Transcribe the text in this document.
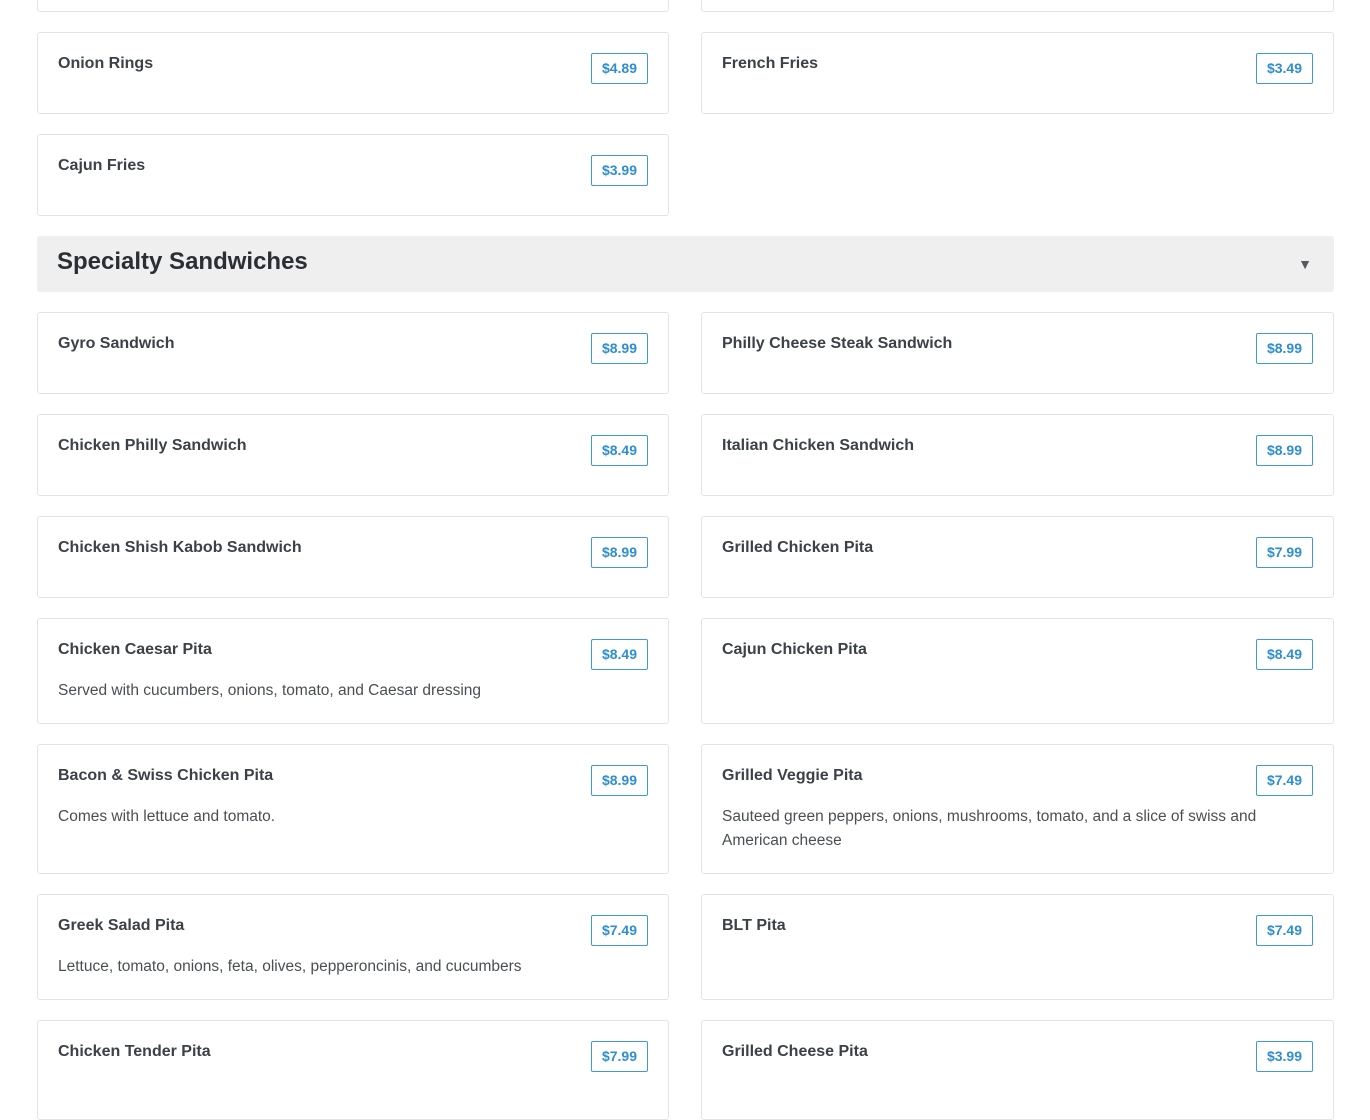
Onion Rings	$4.89	French Fries	$3.49
Cajun Fries	$3.99
Specialty Sandwiches	▼
Gyro Sandwich	$8.99	Philly Cheese Steak Sandwich	$8.99
Chicken Philly Sandwich	$8.49	Italian Chicken Sandwich	$8.99
Chicken Shish Kabob Sandwich	$8.99	Grilled Chicken Pita	$7.99
Chicken Caesar Pita	$8.49
Served with cucumbers, onions, tomato, and Caesar dressing
Cajun Chicken Pita	$8.49
Bacon & Swiss Chicken Pita	$8.99
Comes with lettuce and tomato.
Grilled Veggie Pita	$7.49
Sauteed green peppers, onions, mushrooms, tomato, and a slice of swiss and American cheese
Greek Salad Pita	$7.49
Lettuce, tomato, onions, feta, olives, pepperoncinis, and cucumbers
BLT Pita	$7.49
Chicken Tender Pita	$7.99	Grilled Cheese Pita	$3.99
